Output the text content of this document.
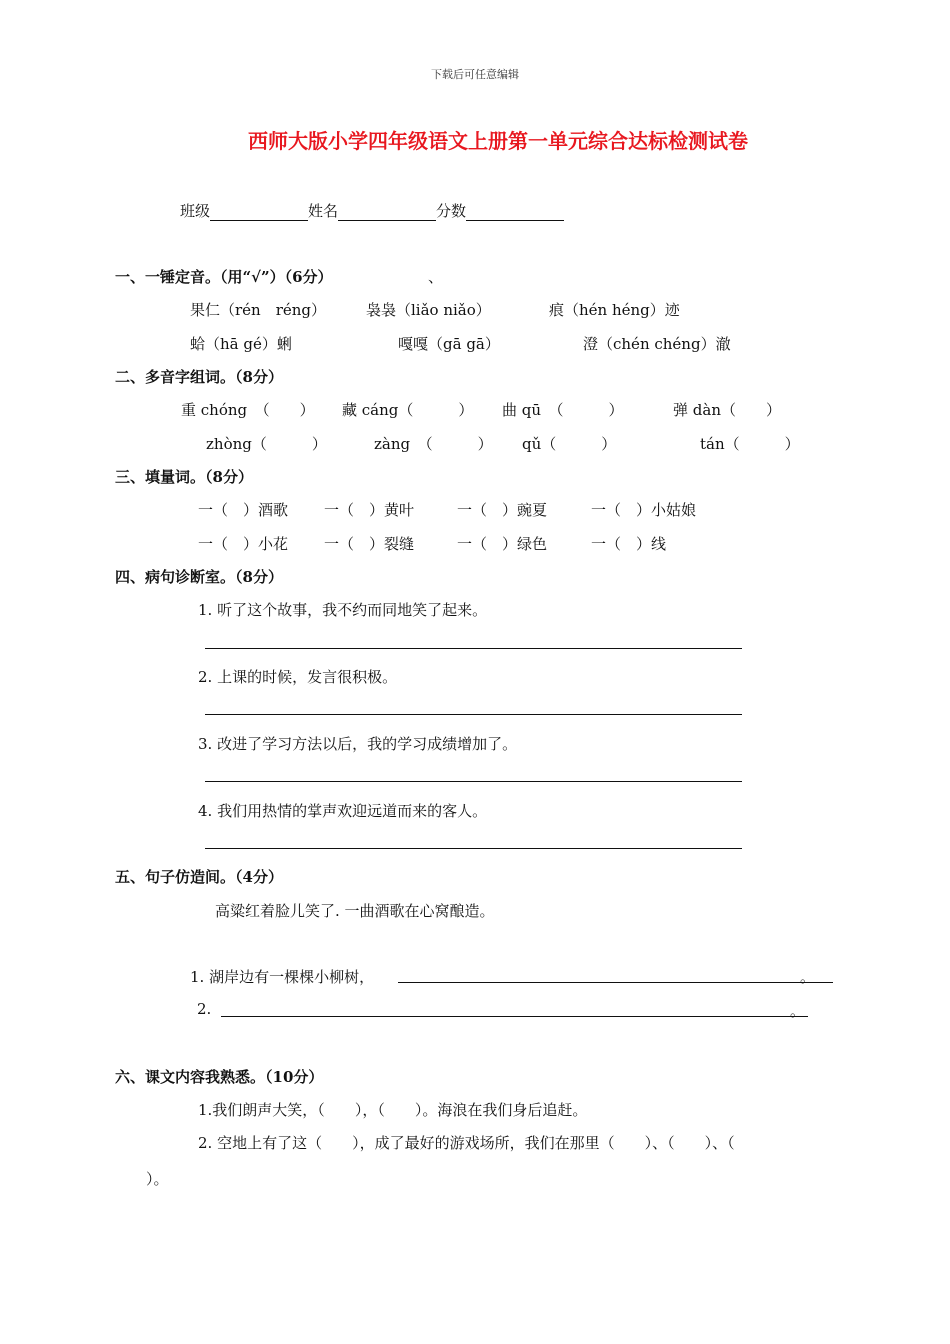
下载后可任意编辑
西师大版小学四年级语文上册第一单元综合达标检测试卷
班级	姓名	分数
一、一锤定音。（用“√”）（6分）	、
果仁（rén　réng）	袅袅（liǎo niǎo）	痕（hén héng）迹
蛤（hā gé）蜊	嘎嘎（gā gā）	澄（chén chéng）澈
二、多音字组词。（8分）
重 chóng　（　　） 藏 cáng（　　　） 曲 qū　（　　　）	弹 dàn（　　）
zhòng（　　　）	zàng　（　　　） qǔ（　　　）	tán（　　　）
三、填量词。（8分）
一（　）酒歌 一（　）黄叶	一（　）豌夏	一（　）小姑娘
一（　）小花 一（　）裂缝	一（　）绿色	一（　）线
四、病句诊断室。（8分）
1. 听了这个故事，我不约而同地笑了起来。
2. 上课的时候，发言很积极。
3. 改进了学习方法以后，我的学习成绩增加了。
4. 我们用热情的掌声欢迎远道而来的客人。
五、句子仿造间。（4分）
高粱红着脸儿笑了. 一曲酒歌在心窝酿造。
1. 湖岸边有一棵棵小柳树，	。
2.	。
六、课文内容我熟悉。（10分）
1.我们朗声大笑，（　　），（　　）。海浪在我们身后追赶。
2. 空地上有了这（　　），成了最好的游戏场所，我们在那里（　　）、（　　）、（
）。
